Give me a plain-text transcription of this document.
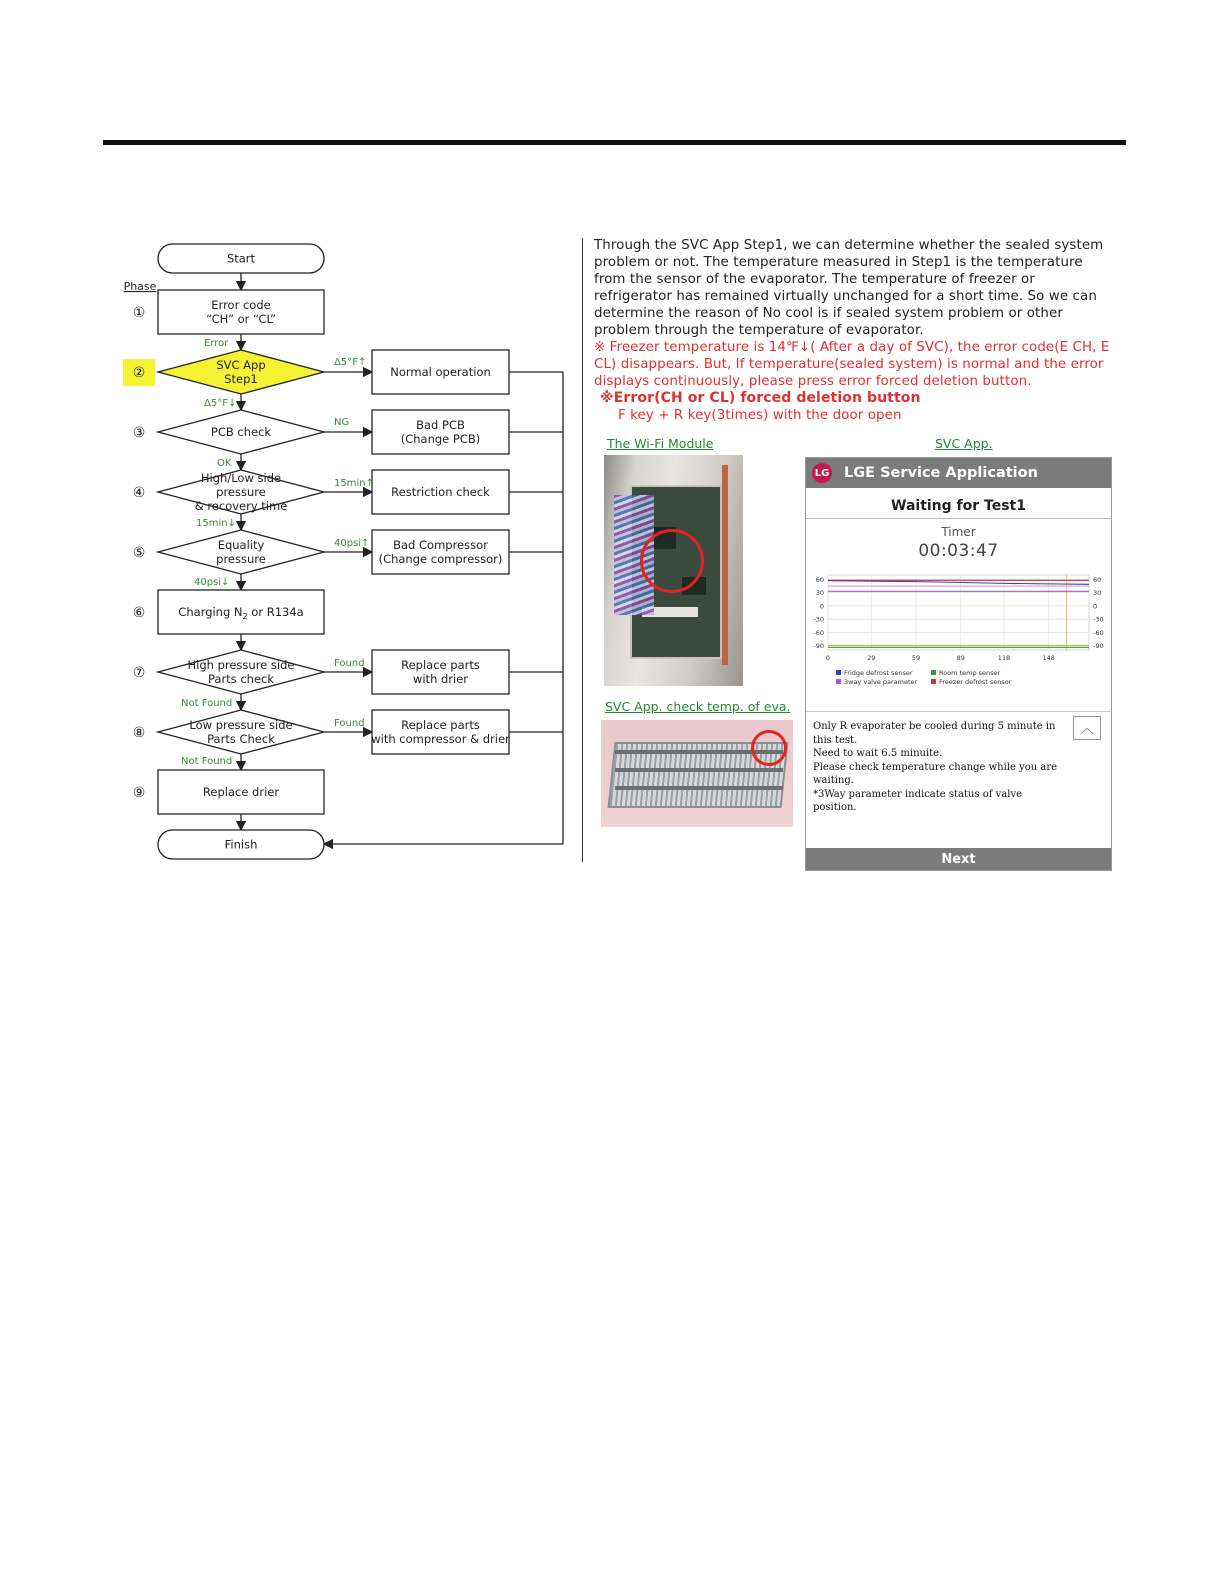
Start
Error code
“CH” or “CL”
SVC App
Step1
PCB check
High/Low side
pressure
& recovery time
Equality
pressure
Charging $N_2$ or R134a
High pressure side
Parts check
Low pressure side
Parts Check
Replace drier
Finish
Normal operation
Bad PCB
(Change PCB)
Restriction check
Bad Compressor
(Change compressor)
Replace parts
with drier
Replace parts
with compressor & drier
Phase
①
②
③
④
⑤
⑥
⑦
⑧
⑨
Error
Δ5°F↑
Δ5°F↓
NG
OK
15min↑
15min↓
40psi↑
40psi↓
Found
Not Found
Found
Not Found

Through the SVC App Step1, we can determine whether the sealed system problem or not. The temperature measured in Step1 is the temperature from the sensor of the evaporator. The temperature of freezer or refrigerator has remained virtually unchanged for a short time. So we can determine the reason of No cool is if sealed system problem or other problem through the temperature of evaporator.

※ Freezer temperature is 14℉↓( After a day of SVC), the error code(E CH, E CL) disappears. But, If temperature(sealed system) is normal and the error displays continuously, please press error forced deletion button.

※Error(CH or CL) forced deletion button

F key + R key(3times) with the door open

The Wi-Fi Module	SVC App.
SVC App. check temp. of eva.
LG LGE Service Application
Waiting for Test1
Timer
00:03:47
60	60
30	30
0	0
-30	-30
-60	-60
-90	-90
0	29	59	89	118	148
Fridge defrost senser	Room temp senser
3way valve parameter	Freezer defrost sensor

Only R evaporater be cooled during 5 minute in

this test.

Need to wait 6.5 minuite.

Please check temperature change while you are waiting.

*3Way parameter indicate status of valve position.

︿
Next
